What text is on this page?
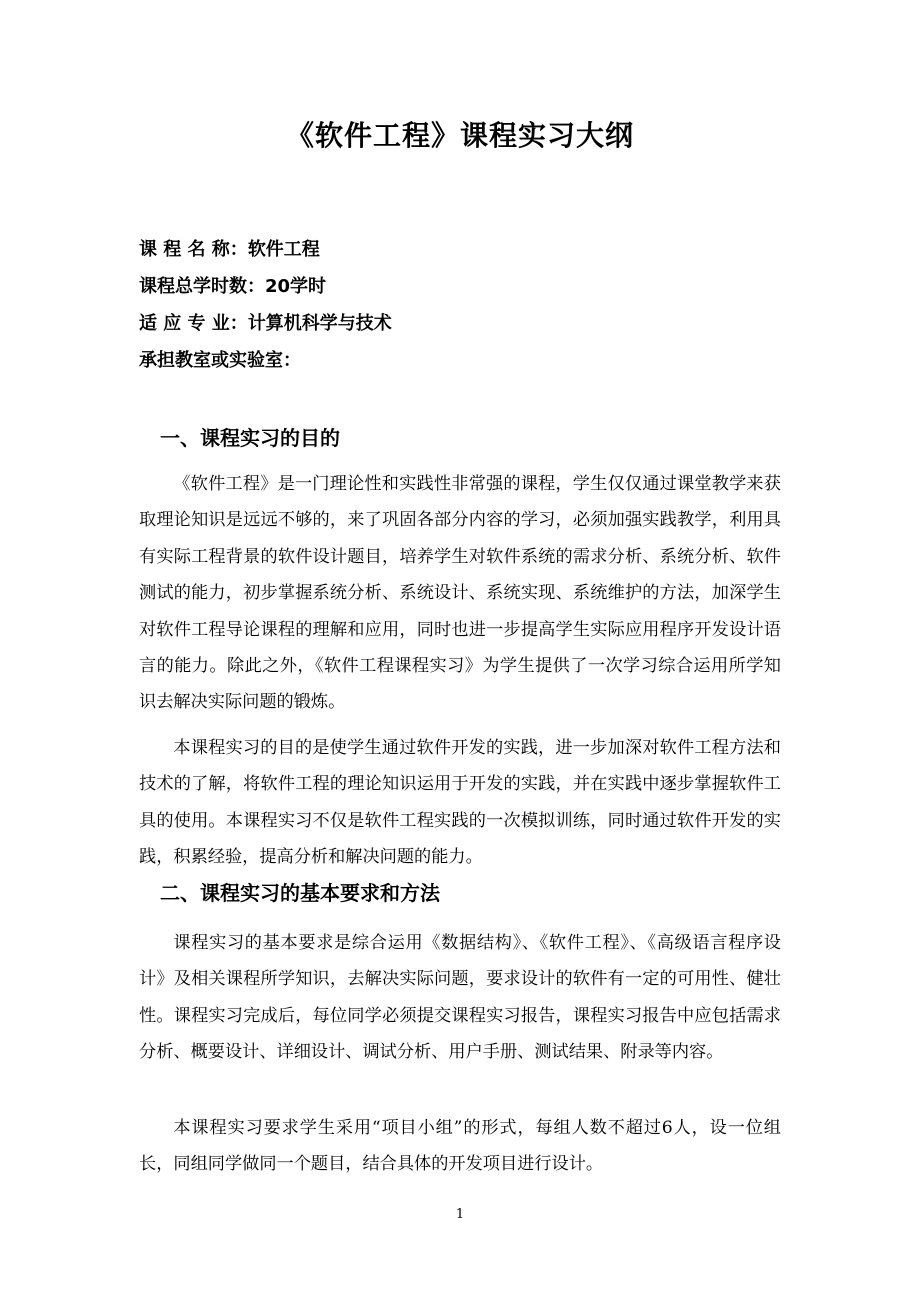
《软件工程》课程实习大纲
课 程 名 称：软件工程
课程总学时数：20学时
适 应 专 业：计算机科学与技术
承担教室或实验室：
一、课程实习的目的

《软件工程》是一门理论性和实践性非常强的课程，学生仅仅通过课堂教学来获取理论知识是远远不够的，来了巩固各部分内容的学习，必须加强实践教学，利用具有实际工程背景的软件设计题目，培养学生对软件系统的需求分析、系统分析、软件测试的能力，初步掌握系统分析、系统设计、系统实现、系统维护的方法，加深学生对软件工程导论课程的理解和应用，同时也进一步提高学生实际应用程序开发设计语言的能力。除此之外，《软件工程课程实习》为学生提供了一次学习综合运用所学知识去解决实际问题的锻炼。

本课程实习的目的是使学生通过软件开发的实践，进一步加深对软件工程方法和技术的了解，将软件工程的理论知识运用于开发的实践，并在实践中逐步掌握软件工具的使用。本课程实习不仅是软件工程实践的一次模拟训练，同时通过软件开发的实践，积累经验，提高分析和解决问题的能力。

二、课程实习的基本要求和方法

课程实习的基本要求是综合运用《数据结构》、《软件工程》、《高级语言程序设计》及相关课程所学知识，去解决实际问题，要求设计的软件有一定的可用性、健壮性。课程实习完成后，每位同学必须提交课程实习报告，课程实习报告中应包括需求分析、概要设计、详细设计、调试分析、用户手册、测试结果、附录等内容。

本课程实习要求学生采用“项目小组”的形式，每组人数不超过6人，设一位组长，同组同学做同一个题目，结合具体的开发项目进行设计。

1
